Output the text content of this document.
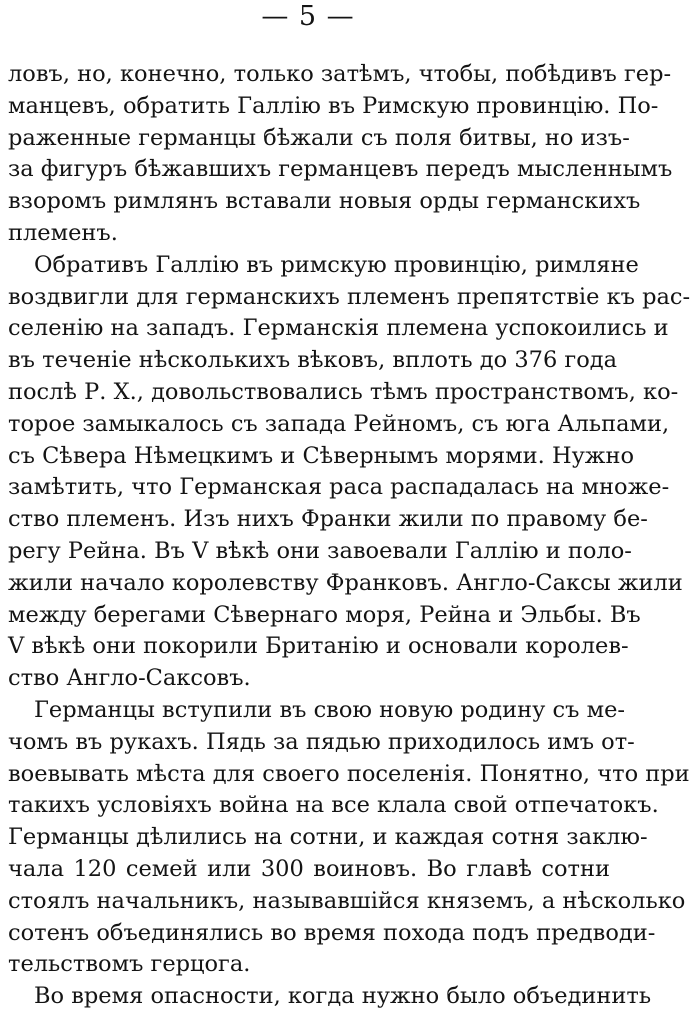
— 5 —
ловъ, но, конечно, только затѣмъ, чтобы, побѣдивъ гер-
манцевъ, обратить Галлію въ Римскую провинцію. По-
раженные германцы бѣжали съ поля битвы, но изъ-
за фигуръ бѣжавшихъ германцевъ передъ мысленнымъ
взоромъ римлянъ вставали новыя орды германскихъ
племенъ.
Обративъ Галлію въ римскую провинцію, римляне
воздвигли для германскихъ племенъ препятствіе къ рас-
селенію на западъ. Германскія племена успокоились и
въ теченіе нѣсколькихъ вѣковъ, вплоть до 376 года
послѣ Р. Х., довольствовались тѣмъ пространствомъ, ко-
торое замыкалось съ запада Рейномъ, съ юга Альпами,
съ Сѣвера Нѣмецкимъ и Сѣвернымъ морями. Нужно
замѣтить, что Германская раса распадалась на множе-
ство племенъ. Изъ нихъ Франки жили по правому бе-
регу Рейна. Въ V вѣкѣ они завоевали Галлію и поло-
жили начало королевству Франковъ. Англо-Саксы жили
между берегами Сѣвернаго моря, Рейна и Эльбы. Въ
V вѣкѣ они покорили Британію и основали королев-
ство Англо-Саксовъ.
Германцы вступили въ свою новую родину съ ме-
чомъ въ рукахъ. Пядь за пядью приходилось имъ от-
воевывать мѣста для своего поселенія. Понятно, что при
такихъ условіяхъ война на все клала свой отпечатокъ.
Германцы дѣлились на сотни, и каждая сотня заклю-
чала 120 семей или 300 воиновъ. Во главѣ сотни
стоялъ начальникъ, называвшійся княземъ, а нѣсколько
сотенъ объединялись во время похода подъ предводи-
тельствомъ герцога.
Во время опасности, когда нужно было объединить
